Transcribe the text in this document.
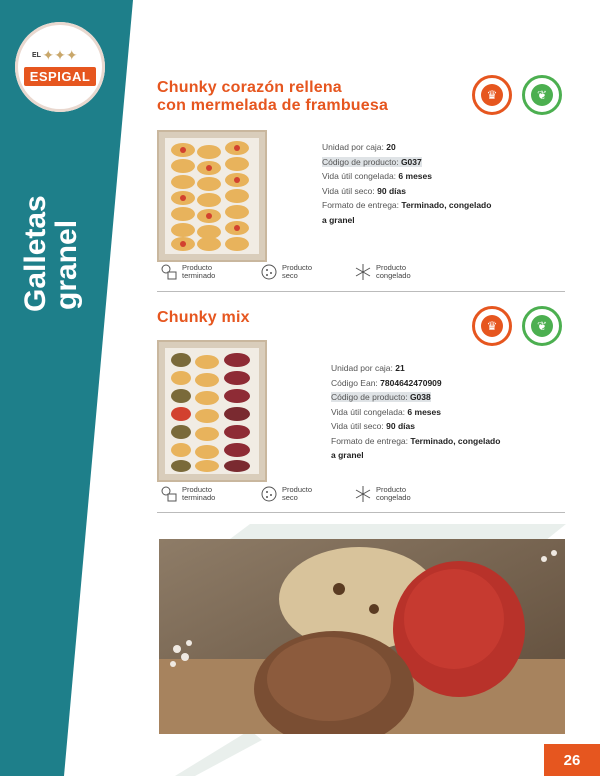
✦✦✦
EL
ESPIGAL
Galletas
granel
Chunky corazón rellena
con mermelada de frambuesa
♛	❦
Unidad por caja: 20
Código de producto: G037
Vida útil congelada: 6 meses
Vida útil seco: 90 días
Formato de entrega: Terminado, congelado
a granel
Producto
terminado
Producto
seco
Producto
congelado
Chunky mix	♛	❦
Unidad por caja: 21
Código Ean: 7804642470909
Código de producto: G038
Vida útil congelada: 6 meses
Vida útil seco: 90 días
Formato de entrega: Terminado, congelado
a granel
Producto
terminado
Producto
seco
Producto
congelado
26
